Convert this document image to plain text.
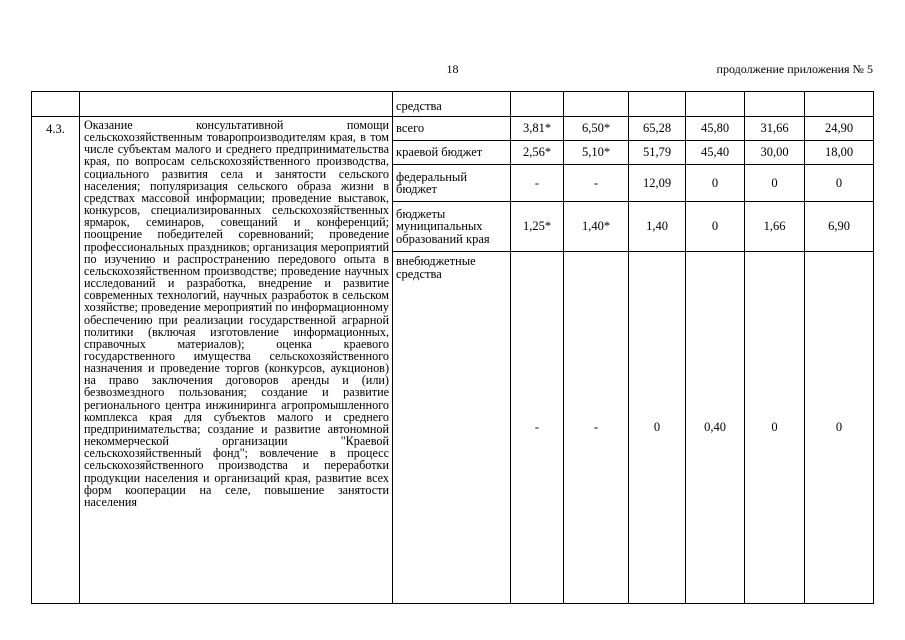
18	продолжение приложения № 5
		средства						
4.3.	Оказание консультативной помощи сельскохозяйственным товаропроизводителям края, в том числе субъектам малого и среднего предпринимательства края, по вопросам сельскохозяйственного производства, социального развития села и занятости сельского населения; популяризация сельского образа жизни в средствах массовой информации; проведение выставок, конкурсов, специализированных сельскохозяйственных ярмарок, семинаров, совещаний и конференций; поощрение победителей соревнований; проведение профессиональных праздников; организация мероприятий по изучению и распространению передового опыта в сельскохозяйственном производстве; проведение научных исследований и разработка, внедрение и развитие современных технологий, научных разработок в сельском хозяйстве; проведение мероприятий по информационному обеспечению при реализации государственной аграрной политики (включая изготовление информационных, справочных материалов); оценка краевого государственного имущества сельскохозяйственного назначения и проведение торгов (конкурсов, аукционов) на право заключения договоров аренды и (или) безвозмездного пользования; создание и развитие регионального центра инжиниринга агропромышленного комплекса края для субъектов малого и среднего предпринимательства; создание и развитие автономной некоммерческой организации "Краевой сельскохозяйственный фонд"; вовлечение в процесс сельскохозяйственного производства и переработки продукции населения и организаций края, развитие всех форм кооперации на селе, повышение занятости населения	всего	3,81*	6,50*	65,28	45,80	31,66	24,90
		краевой бюджет	2,56*	5,10*	51,79	45,40	30,00	18,00
		федеральный бюджет	-	-	12,09	0	0	0
		бюджеты муниципальных образований края	1,25*	1,40*	1,40	0	1,66	6,90
		внебюджетные средства	-	-	0	0,40	0	0
